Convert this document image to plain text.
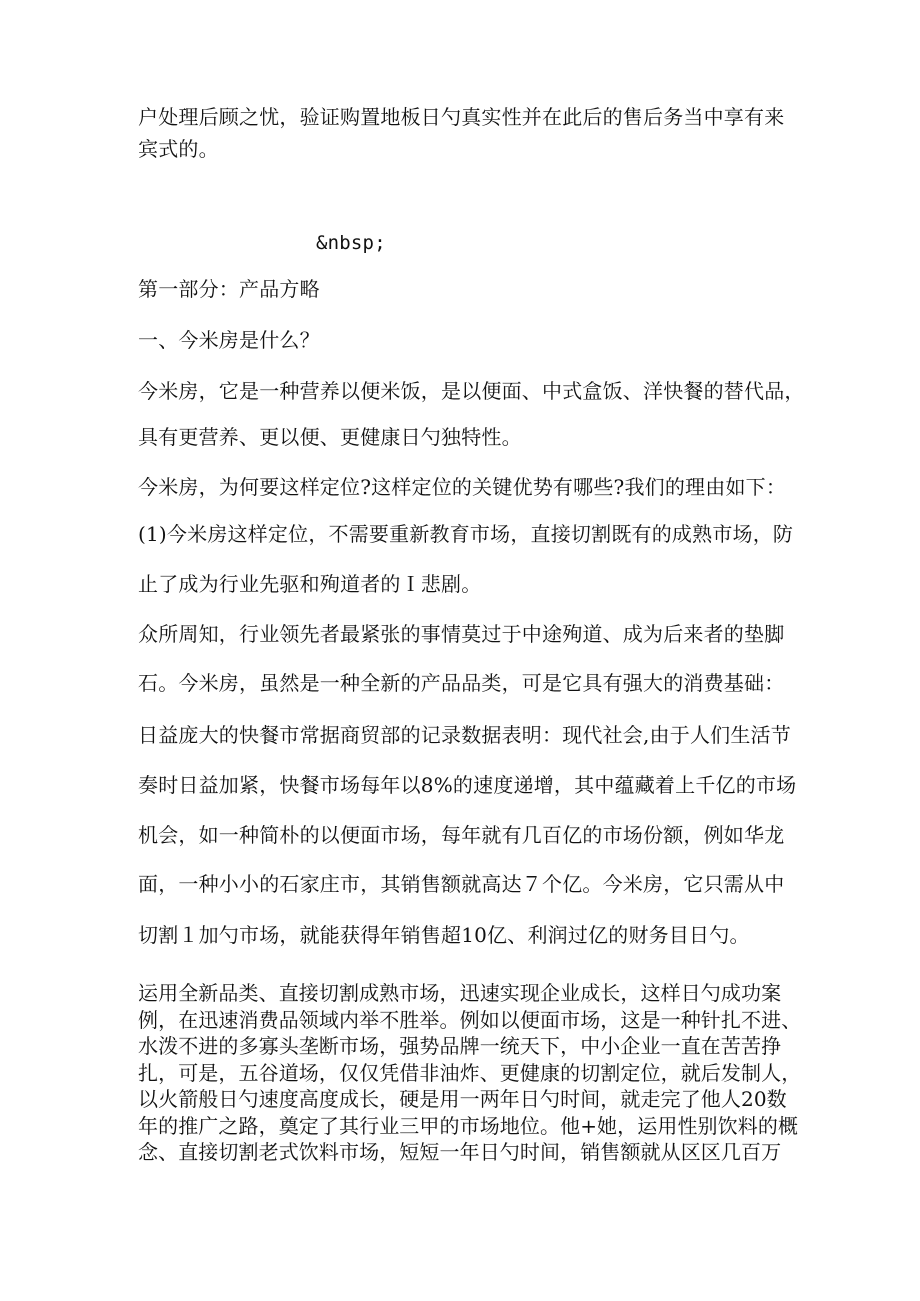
户处理后顾之忧，验证购置地板日勺真实性并在此后的售后务当中享有来
宾式的。
&nbsp;
第一部分：产品方略
一、今米房是什么？
今米房，它是一种营养以便米饭，是以便面、中式盒饭、洋快餐的替代品，
具有更营养、更以便、更健康日勺独特性。
今米房，为何要这样定位?这样定位的关键优势有哪些?我们的理由如下：
(1)今米房这样定位，不需要重新教育市场，直接切割既有的成熟市场，防
止了成为行业先驱和殉道者的Ｉ悲剧。
众所周知，行业领先者最紧张的事情莫过于中途殉道、成为后来者的垫脚
石。今米房，虽然是一种全新的产品品类，可是它具有强大的消费基础：
日益庞大的快餐市常据商贸部的记录数据表明：现代社会,由于人们生活节
奏时日益加紧，快餐市场每年以8%的速度递增，其中蕴藏着上千亿的市场
机会，如一种简朴的以便面市场，每年就有几百亿的市场份额，例如华龙
面，一种小小的石家庄市，其销售额就高达７个亿。今米房，它只需从中
切割１加勺市场，就能获得年销售超10亿、利润过亿的财务目日勺。
运用全新品类、直接切割成熟市场，迅速实现企业成长，这样日勺成功案
例，在迅速消费品领域内举不胜举。例如以便面市场，这是一种针扎不进、
水泼不进的多寡头垄断市场，强势品牌一统天下，中小企业一直在苦苦挣
扎，可是，五谷道场，仅仅凭借非油炸、更健康的切割定位，就后发制人，
以火箭般日勺速度高度成长，硬是用一两年日勺时间，就走完了他人20数
年的推广之路，奠定了其行业三甲的市场地位。他+她，运用性别饮料的概
念、直接切割老式饮料市场，短短一年日勺时间，销售额就从区区几百万
